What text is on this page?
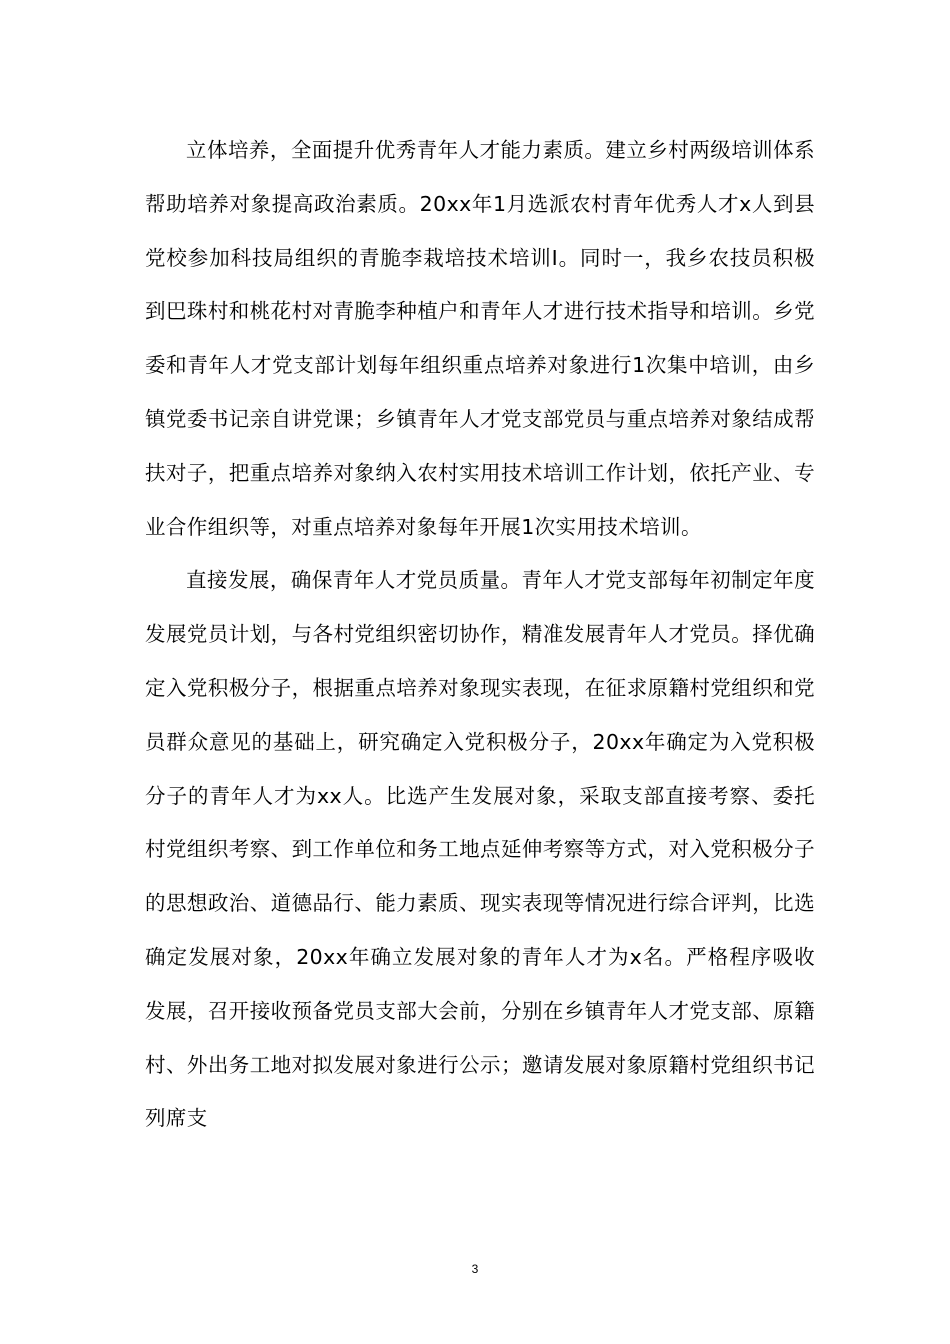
立体培养，全面提升优秀青年人才能力素质。建立乡村两级培训体系帮助培养对象提高政治素质。20xx年1月选派农村青年优秀人才x人到县党校参加科技局组织的青脆李栽培技术培训I。同时一，我乡农技员积极到巴珠村和桃花村对青脆李种植户和青年人才进行技术指导和培训。乡党委和青年人才党支部计划每年组织重点培养对象进行1次集中培训，由乡镇党委书记亲自讲党课；乡镇青年人才党支部党员与重点培养对象结成帮扶对子，把重点培养对象纳入农村实用技术培训工作计划，依托产业、专业合作组织等，对重点培养对象每年开展1次实用技术培训。

直接发展，确保青年人才党员质量。青年人才党支部每年初制定年度发展党员计划，与各村党组织密切协作，精准发展青年人才党员。择优确定入党积极分子，根据重点培养对象现实表现，在征求原籍村党组织和党员群众意见的基础上，研究确定入党积极分子，20xx年确定为入党积极分子的青年人才为xx人。比选产生发展对象，采取支部直接考察、委托村党组织考察、到工作单位和务工地点延伸考察等方式，对入党积极分子的思想政治、道德品行、能力素质、现实表现等情况进行综合评判，比选确定发展对象，20xx年确立发展对象的青年人才为x名。严格程序吸收发展，召开接收预备党员支部大会前，分别在乡镇青年人才党支部、原籍村、外出务工地对拟发展对象进行公示；邀请发展对象原籍村党组织书记列席支

3
